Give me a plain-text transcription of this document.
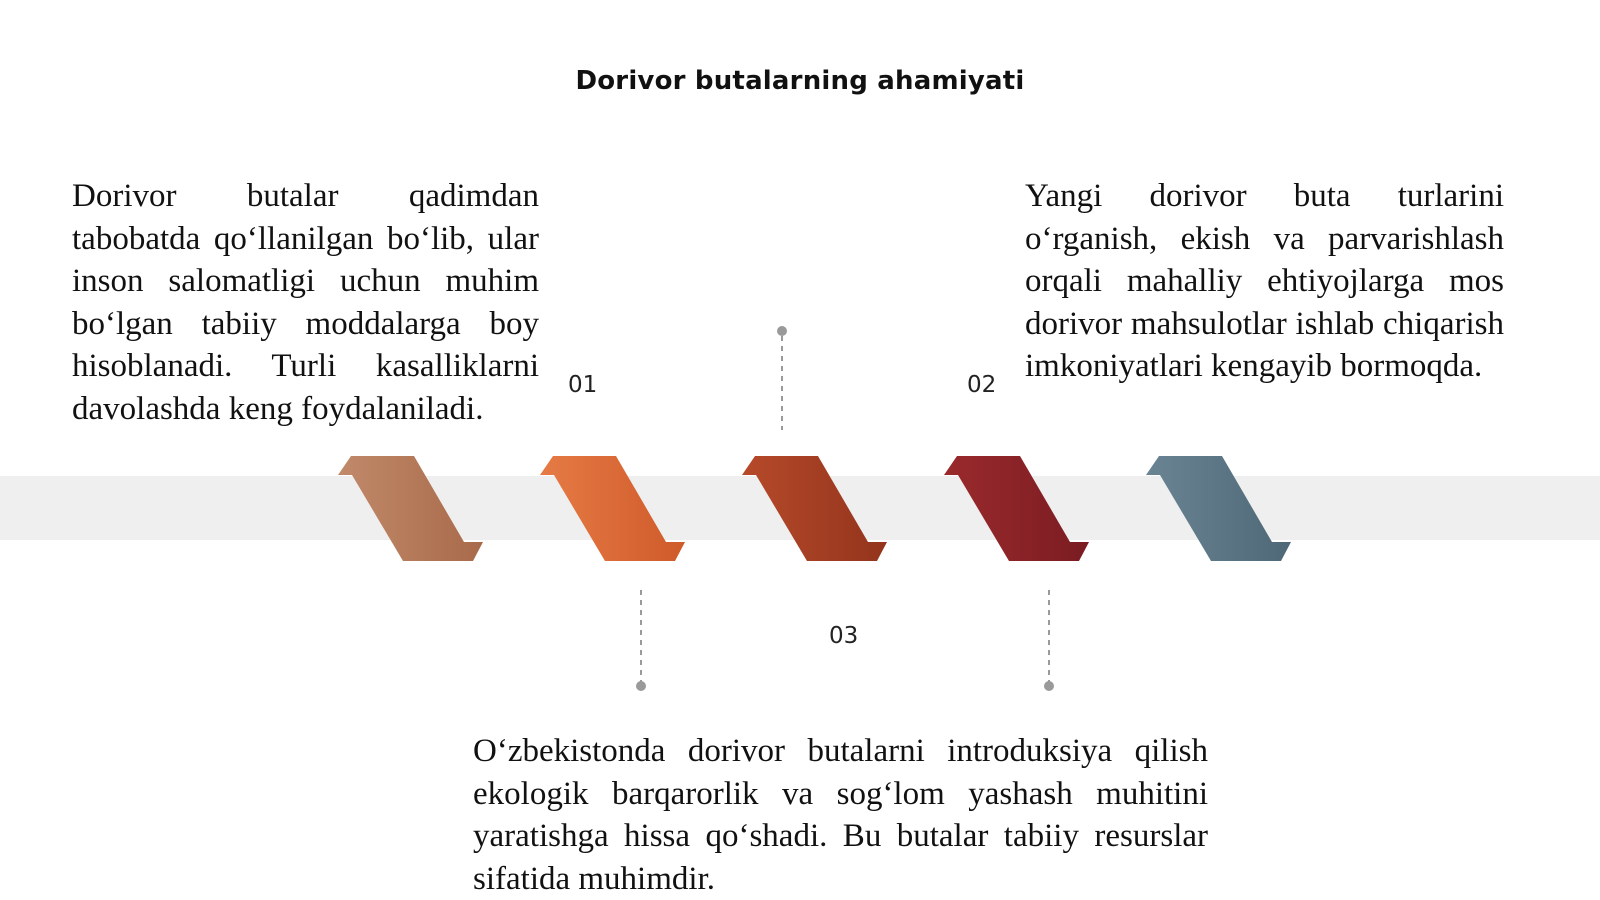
Dorivor butalarning ahamiyati
01	02
03

Dorivor butalar qadimdan tabobatda qo‘llanilgan bo‘lib, ular inson salomatligi uchun muhim bo‘lgan tabiiy moddalarga boy hisoblanadi. Turli kasalliklarni davolashda keng foydalaniladi.

Yangi dorivor buta turlarini o‘rganish, ekish va parvarishlash orqali mahalliy ehtiyojlarga mos dorivor mahsulotlar ishlab chiqarish imkoniyatlari kengayib bormoqda.

O‘zbekistonda dorivor butalarni introduksiya qilish ekologik barqarorlik va sog‘lom yashash muhitini yaratishga hissa qo‘shadi. Bu butalar tabiiy resurslar sifatida muhimdir.
